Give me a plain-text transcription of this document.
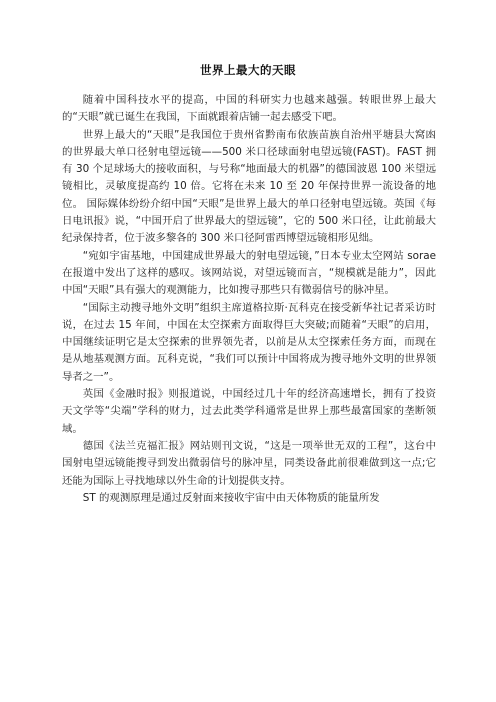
世界上最大的天眼

随着中国科技水平的提高，中国的科研实力也越来越强。转眼世界上最大的“天眼”就已诞生在我国，下面就跟着店铺一起去感受下吧。

世界上最大的“天眼”是我国位于贵州省黔南布依族苗族自治州平塘县大窝凼的世界最大单口径射电望远镜——500 米口径球面射电望远镜(FAST)。FAST 拥有 30 个足球场大的接收面积，与号称“地面最大的机器”的德国波恩 100 米望远镜相比，灵敏度提高约 10 倍。它将在未来 10 至 20 年保持世界一流设备的地位。 国际媒体纷纷介绍中国“天眼”是世界上最大的单口径射电望远镜。英国《每日电讯报》说，“中国开启了世界最大的望远镜”，它的 500 米口径，让此前最大纪录保持者，位于波多黎各的 300 米口径阿雷西博望远镜相形见绌。

“宛如宇宙基地，中国建成世界最大的射电望远镜，”日本专业太空网站 sorae 在报道中发出了这样的感叹。该网站说，对望远镜而言，“规模就是能力”，因此中国“天眼”具有强大的观测能力，比如搜寻那些只有微弱信号的脉冲星。

“国际主动搜寻地外文明”组织主席道格拉斯·瓦科克在接受新华社记者采访时说，在过去 15 年间，中国在太空探索方面取得巨大突破;而随着“天眼”的启用，中国继续证明它是太空探索的世界领先者，以前是从太空探索任务方面，而现在是从地基观测方面。瓦科克说，“我们可以预计中国将成为搜寻地外文明的世界领导者之一”。

英国《金融时报》则报道说，中国经过几十年的经济高速增长，拥有了投资天文学等“尖端”学科的财力，过去此类学科通常是世界上那些最富国家的垄断领域。

德国《法兰克福汇报》网站则刊文说，“这是一项举世无双的工程”，这台中国射电望远镜能搜寻到发出微弱信号的脉冲星，同类设备此前很难做到这一点;它还能为国际上寻找地球以外生命的计划提供支持。

ST 的观测原理是通过反射面来接收宇宙中由天体物质的能量所发
